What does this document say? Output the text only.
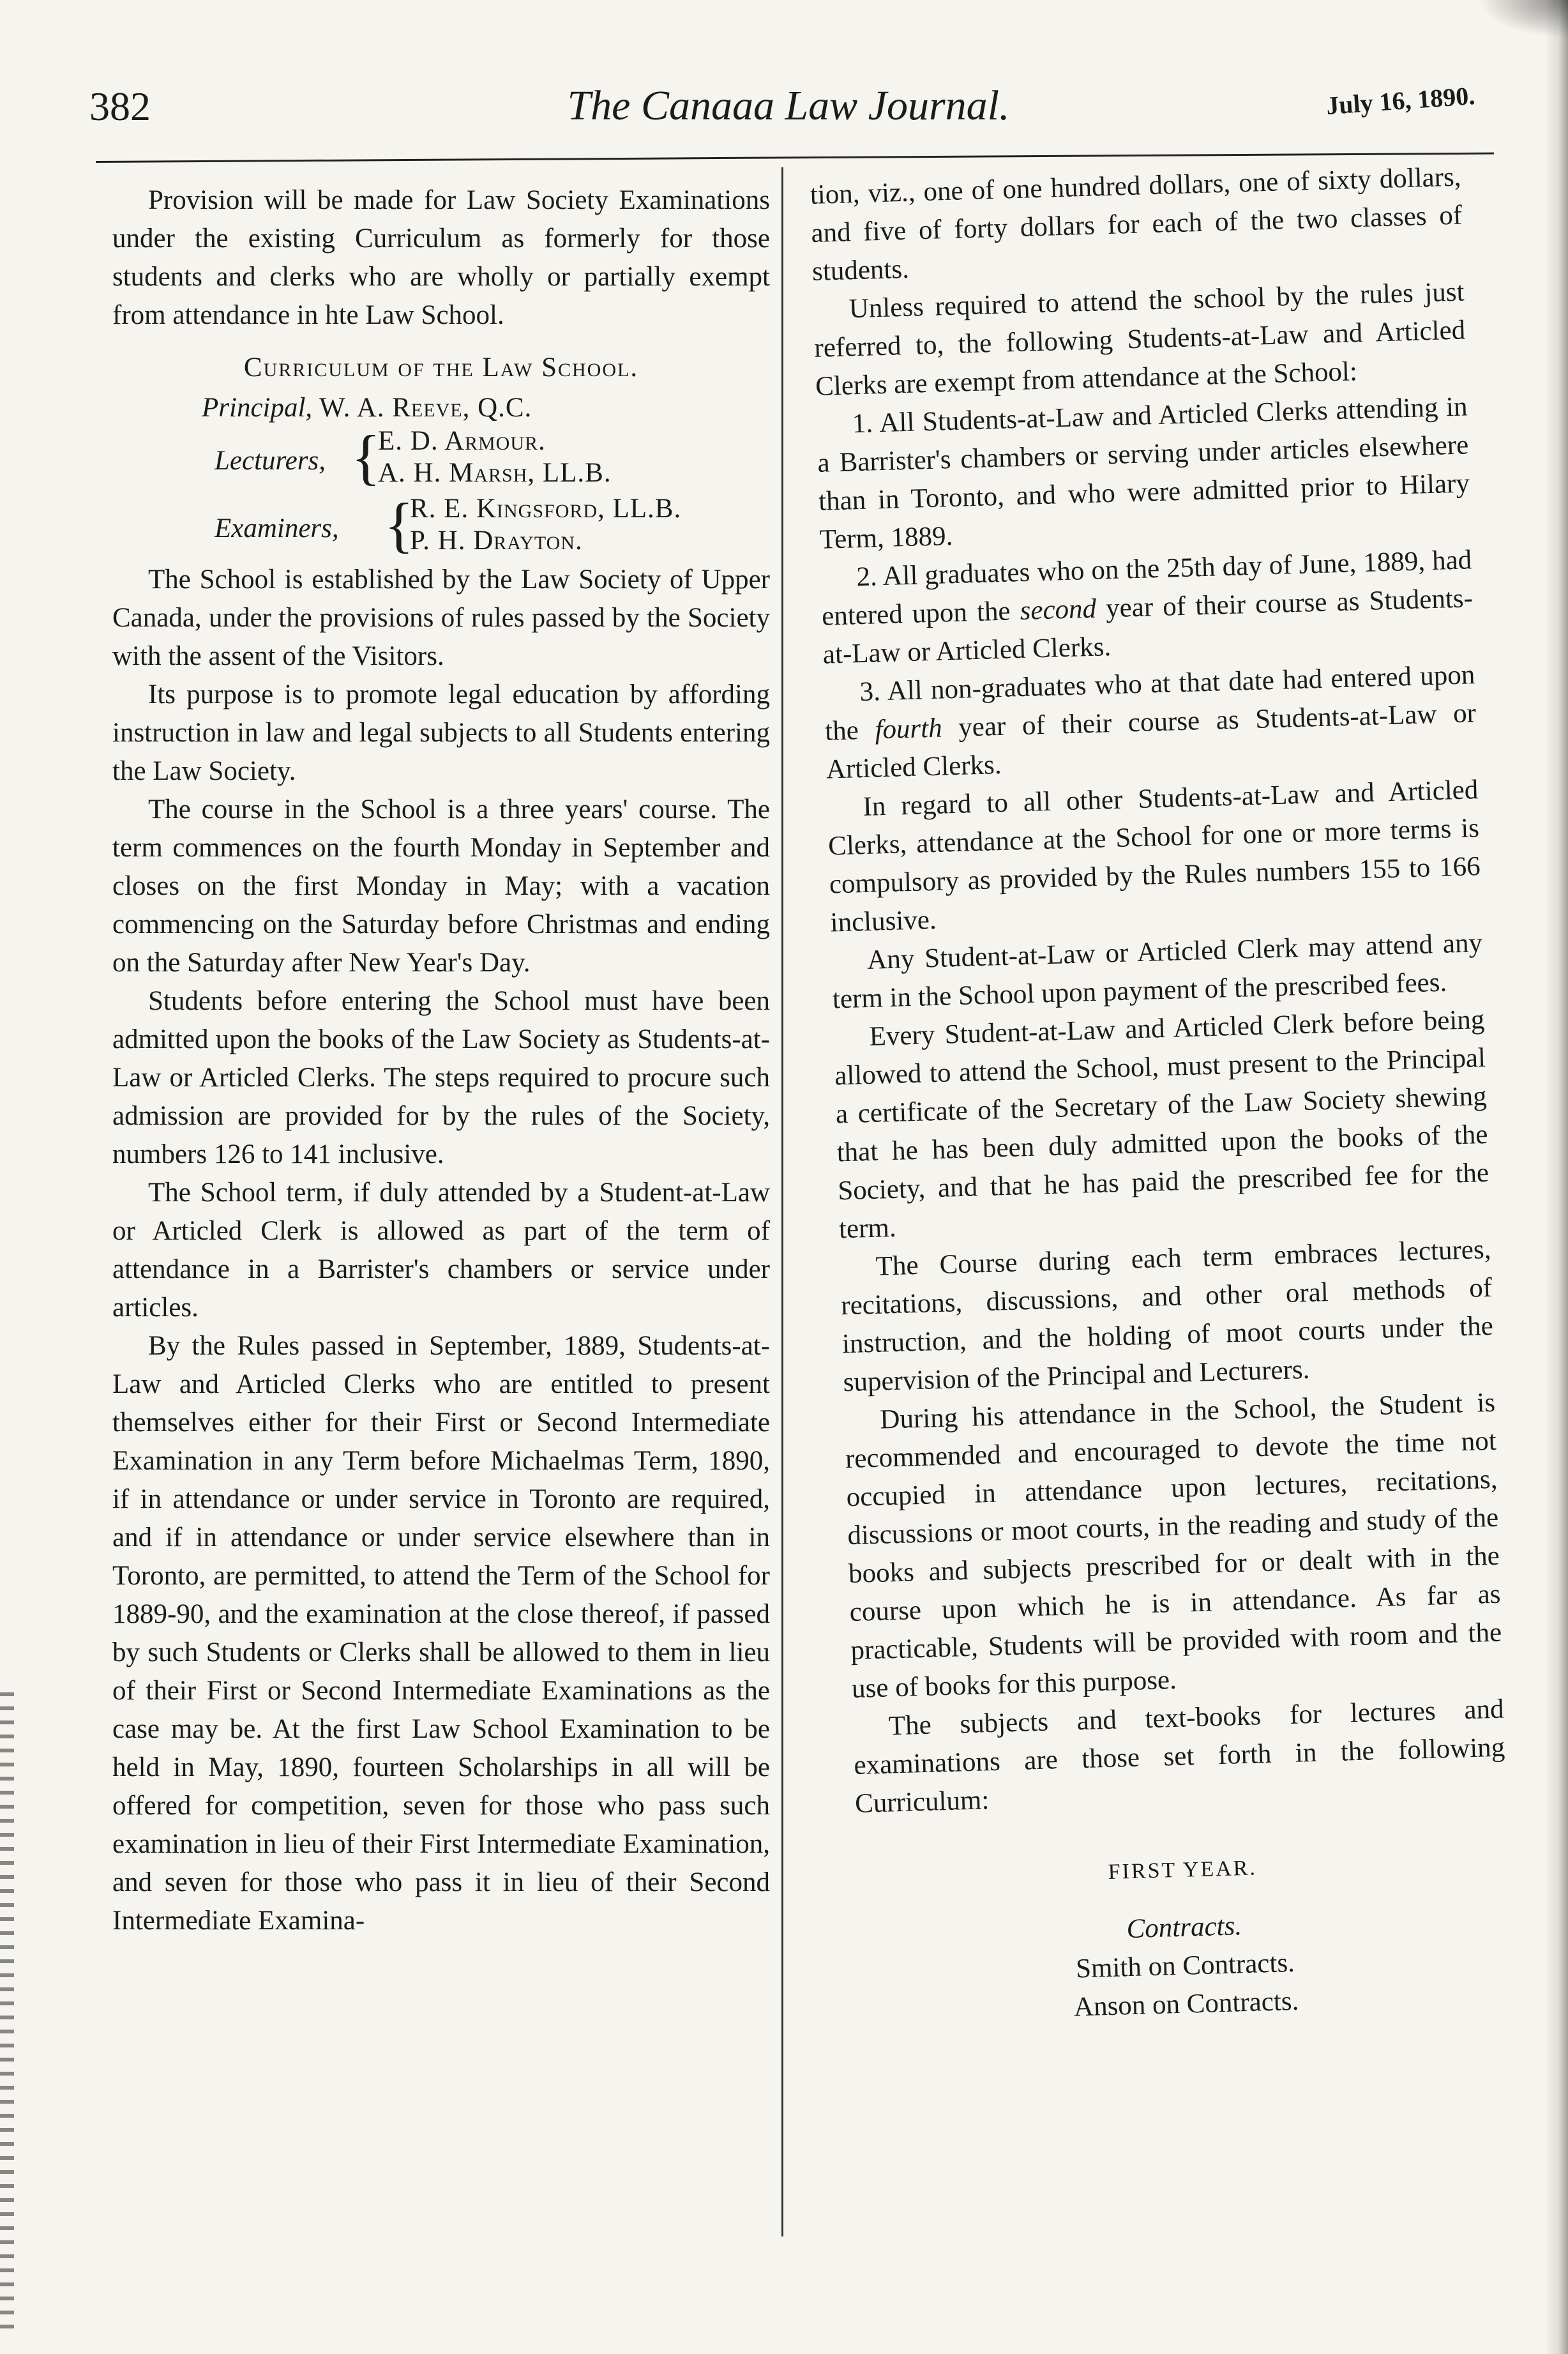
382	The Canaaa Law Journal.	July 16, 1890.

Provision will be made for Law Society Examinations under the existing Curriculum as formerly for those students and clerks who are wholly or partially exempt from attendance in hte Law School.

Curriculum of the Law School.
Principal, W. A. Reeve, Q.C.
Lecturers, {
E. D. Armour.
A. H. Marsh, LL.B.
Examiners, {
R. E. Kingsford, LL.B.
P. H. Drayton.

The School is established by the Law Society of Upper Canada, under the provisions of rules passed by the Society with the assent of the Visitors.

Its purpose is to promote legal education by affording instruction in law and legal subjects to all Students entering the Law Society.

The course in the School is a three years' course. The term commences on the fourth Monday in September and closes on the first Monday in May; with a vacation commencing on the Saturday before Christmas and ending on the Saturday after New Year's Day.

Students before entering the School must have been admitted upon the books of the Law Society as Students-at-Law or Articled Clerks. The steps required to procure such admission are provided for by the rules of the Society, numbers 126 to 141 inclusive.

The School term, if duly attended by a Student-at-Law or Articled Clerk is allowed as part of the term of attendance in a Barrister's chambers or service under articles.

By the Rules passed in September, 1889, Students-at-Law and Articled Clerks who are entitled to present themselves either for their First or Second Intermediate Examination in any Term before Michaelmas Term, 1890, if in attendance or under service in Toronto are required, and if in attendance or under service elsewhere than in Toronto, are permitted, to attend the Term of the School for 1889-90, and the examination at the close thereof, if passed by such Students or Clerks shall be allowed to them in lieu of their First or Second Intermediate Examinations as the case may be. At the first Law School Examination to be held in May, 1890, fourteen Scholarships in all will be offered for competition, seven for those who pass such examination in lieu of their First Intermediate Examination, and seven for those who pass it in lieu of their Second Intermediate Examina-

tion, viz., one of one hundred dollars, one of sixty dollars, and five of forty dollars for each of the two classes of students.

Unless required to attend the school by the rules just referred to, the following Students-at-Law and Articled Clerks are exempt from attendance at the School:

1. All Students-at-Law and Articled Clerks attending in a Barrister's chambers or serving under articles elsewhere than in Toronto, and who were admitted prior to Hilary Term, 1889.

2. All graduates who on the 25th day of June, 1889, had entered upon the second year of their course as Students-at-Law or Articled Clerks.

3. All non-graduates who at that date had entered upon the fourth year of their course as Students-at-Law or Articled Clerks.

In regard to all other Students-at-Law and Articled Clerks, attendance at the School for one or more terms is compulsory as provided by the Rules numbers 155 to 166 inclusive.

Any Student-at-Law or Articled Clerk may attend any term in the School upon payment of the prescribed fees.

Every Student-at-Law and Articled Clerk before being allowed to attend the School, must present to the Principal a certificate of the Secretary of the Law Society shewing that he has been duly admitted upon the books of the Society, and that he has paid the prescribed fee for the term.

The Course during each term embraces lectures, recitations, discussions, and other oral methods of instruction, and the holding of moot courts under the supervision of the Principal and Lecturers.

During his attendance in the School, the Student is recommended and encouraged to devote the time not occupied in attendance upon lectures, recitations, discussions or moot courts, in the reading and study of the books and subjects prescribed for or dealt with in the course upon which he is in attendance. As far as practicable, Students will be provided with room and the use of books for this purpose.

The subjects and text-books for lectures and examinations are those set forth in the following Curriculum:

FIRST YEAR.
Contracts.
Smith on Contracts.
Anson on Contracts.
